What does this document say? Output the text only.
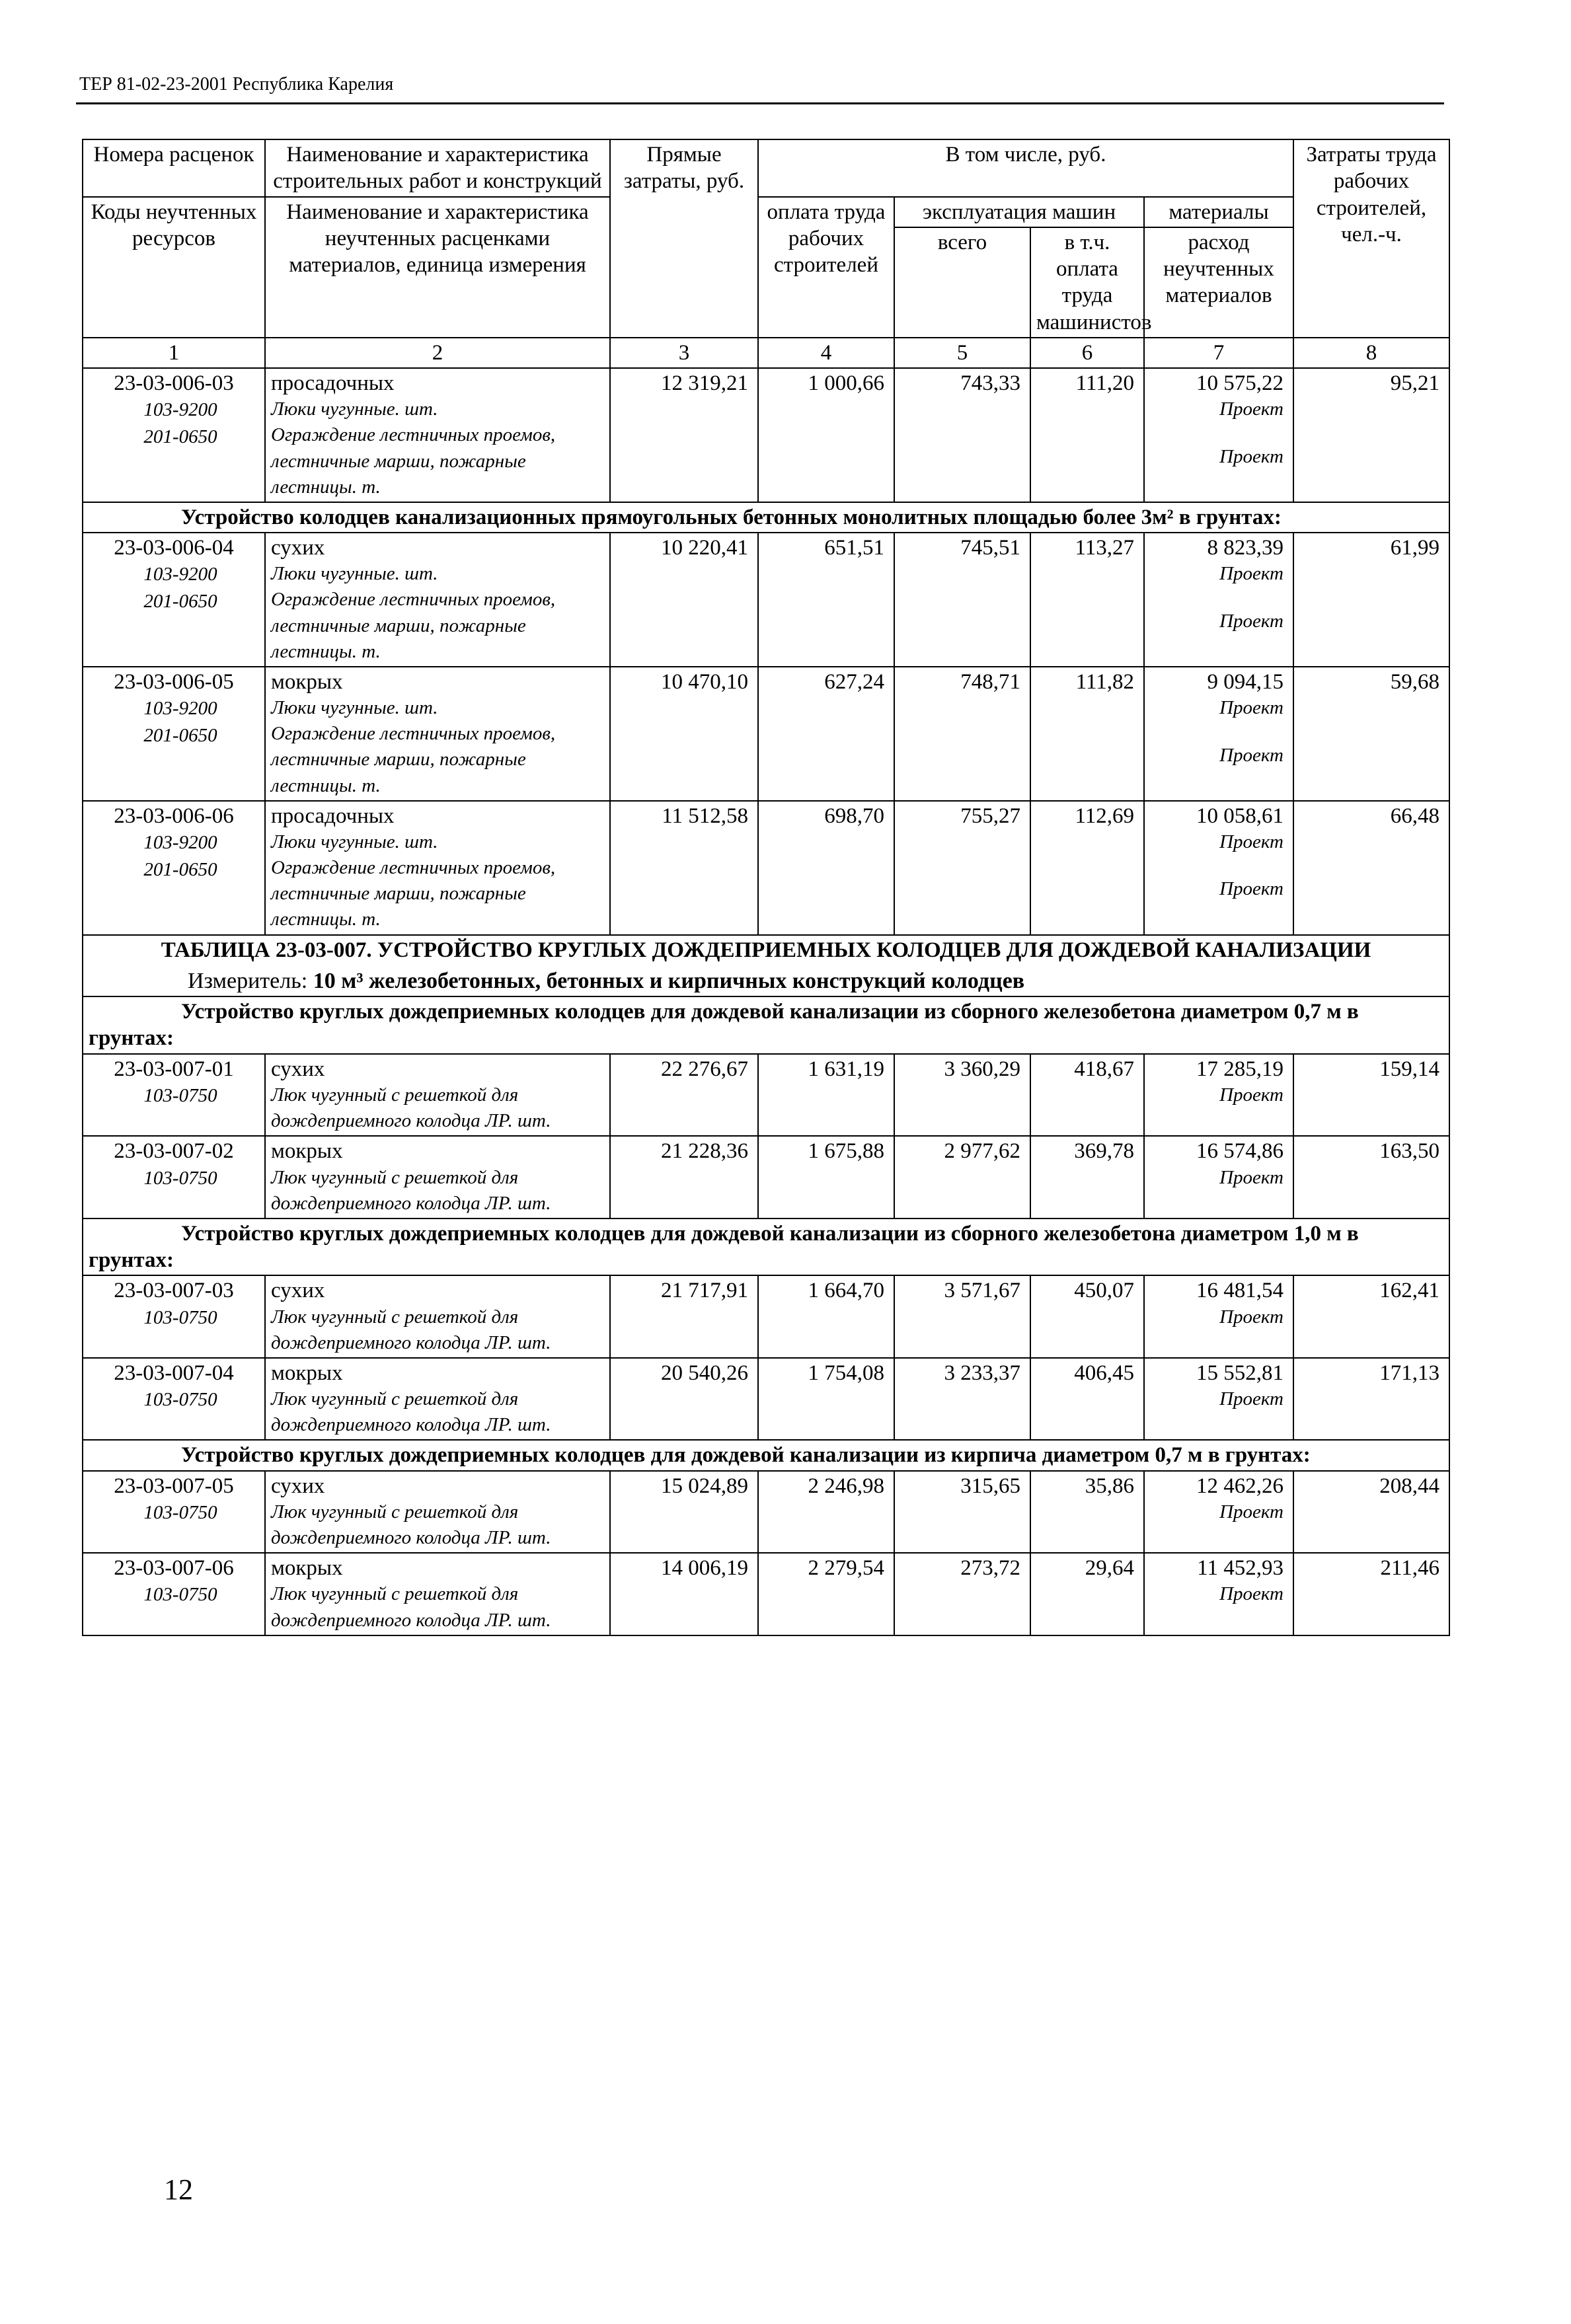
ТЕР 81-02-23-2001 Республика Карелия
Номера расценок	Наименование и характеристика строительных работ и конструкций	Прямые затраты, руб.	В том числе, руб.				Затраты труда рабочих строителей, чел.-ч.
Коды неучтенных ресурсов	Наименование и характеристика неучтенных расценками материалов, единица измерения		оплата труда рабочих строителей	эксплуатация машин		материалы	
				всего	в т.ч. оплата труда машинистов	расход неучтенных материалов	
1	2	3	4	5	6	7	8

23-03-006-03
103-9200
201-0650	просадочных
Люки чугунные. шт.
Ограждение лестничных проемов, лестничные марши, пожарные лестницы. т.	12 319,21	1 000,66	743,33	111,20	10 575,22
Проект
Проект	95,21

Устройство колодцев канализационных прямоугольных бетонных монолитных площадью более 3м² в грунтах:							

23-03-006-04
103-9200
201-0650	сухих
Люки чугунные. шт.
Ограждение лестничных проемов, лестничные марши, пожарные лестницы. т.	10 220,41	651,51	745,51	113,27	8 823,39
Проект
Проект	61,99

23-03-006-05
103-9200
201-0650	мокрых
Люки чугунные. шт.
Ограждение лестничных проемов, лестничные марши, пожарные лестницы. т.	10 470,10	627,24	748,71	111,82	9 094,15
Проект
Проект	59,68

23-03-006-06
103-9200
201-0650	просадочных
Люки чугунные. шт.
Ограждение лестничных проемов, лестничные марши, пожарные лестницы. т.	11 512,58	698,70	755,27	112,69	10 058,61
Проект
Проект	66,48

ТАБЛИЦА 23-03-007. УСТРОЙСТВО КРУГЛЫХ ДОЖДЕПРИЕМНЫХ КОЛОДЦЕВ ДЛЯ ДОЖДЕВОЙ КАНАЛИЗАЦИИ
Измеритель: 10 м³ железобетонных, бетонных и кирпичных конструкций колодцев							

Устройство круглых дождеприемных колодцев для дождевой канализации из сборного железобетона диаметром 0,7 м в грунтах:							

23-03-007-01
103-0750	сухих
Люк чугунный с решеткой для дождеприемного колодца ЛР. шт.	22 276,67	1 631,19	3 360,29	418,67	17 285,19
Проект	159,14

23-03-007-02
103-0750	мокрых
Люк чугунный с решеткой для дождеприемного колодца ЛР. шт.	21 228,36	1 675,88	2 977,62	369,78	16 574,86
Проект	163,50

Устройство круглых дождеприемных колодцев для дождевой канализации из сборного железобетона диаметром 1,0 м в грунтах:							

23-03-007-03
103-0750	сухих
Люк чугунный с решеткой для дождеприемного колодца ЛР. шт.	21 717,91	1 664,70	3 571,67	450,07	16 481,54
Проект	162,41

23-03-007-04
103-0750	мокрых
Люк чугунный с решеткой для дождеприемного колодца ЛР. шт.	20 540,26	1 754,08	3 233,37	406,45	15 552,81
Проект	171,13

Устройство круглых дождеприемных колодцев для дождевой канализации из кирпича диаметром 0,7 м в грунтах:							

23-03-007-05
103-0750	сухих
Люк чугунный с решеткой для дождеприемного колодца ЛР. шт.	15 024,89	2 246,98	315,65	35,86	12 462,26
Проект	208,44

23-03-007-06
103-0750	мокрых
Люк чугунный с решеткой для дождеприемного колодца ЛР. шт.	14 006,19	2 279,54	273,72	29,64	11 452,93
Проект	211,46
12
